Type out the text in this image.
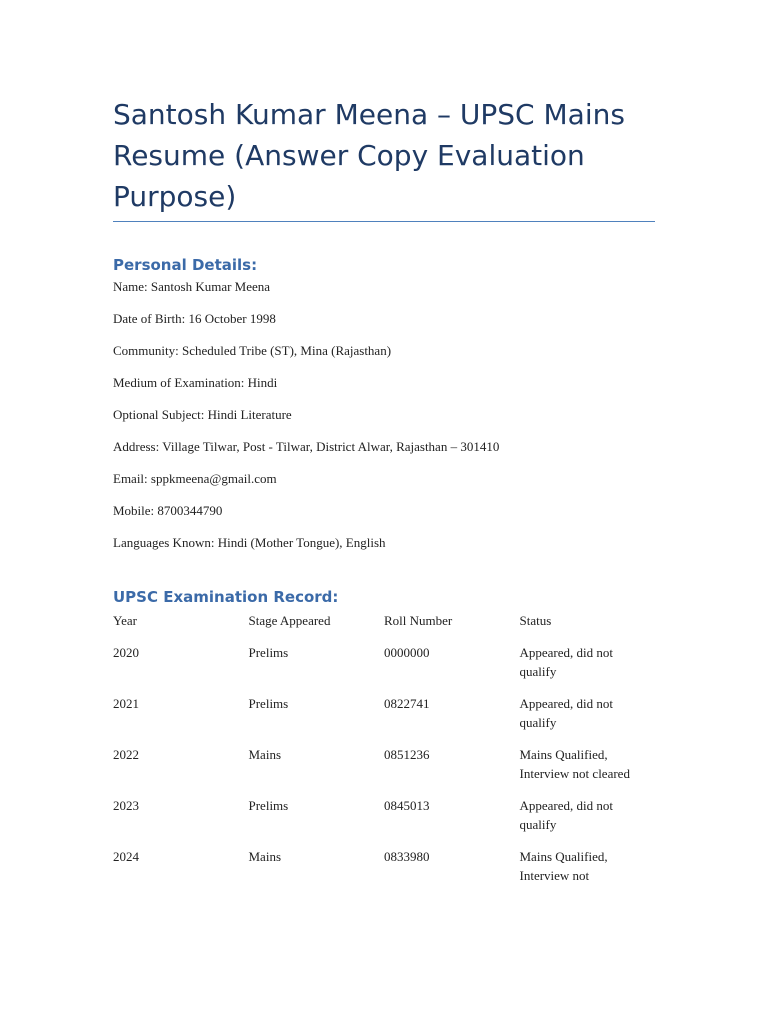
Santosh Kumar Meena – UPSC Mains Resume (Answer Copy Evaluation Purpose)
Personal Details:
Name: Santosh Kumar Meena
Date of Birth: 16 October 1998
Community: Scheduled Tribe (ST), Mina (Rajasthan)
Medium of Examination: Hindi
Optional Subject: Hindi Literature
Address: Village Tilwar, Post - Tilwar, District Alwar, Rajasthan – 301410
Email: sppkmeena@gmail.com
Mobile: 8700344790
Languages Known: Hindi (Mother Tongue), English
UPSC Examination Record:
Year	Stage Appeared	Roll Number	Status
2020	Prelims	0000000	Appeared, did not qualify
2021	Prelims	0822741	Appeared, did not qualify
2022	Mains	0851236	Mains Qualified, Interview not cleared
2023	Prelims	0845013	Appeared, did not qualify
2024	Mains	0833980	Mains Qualified, Interview not
